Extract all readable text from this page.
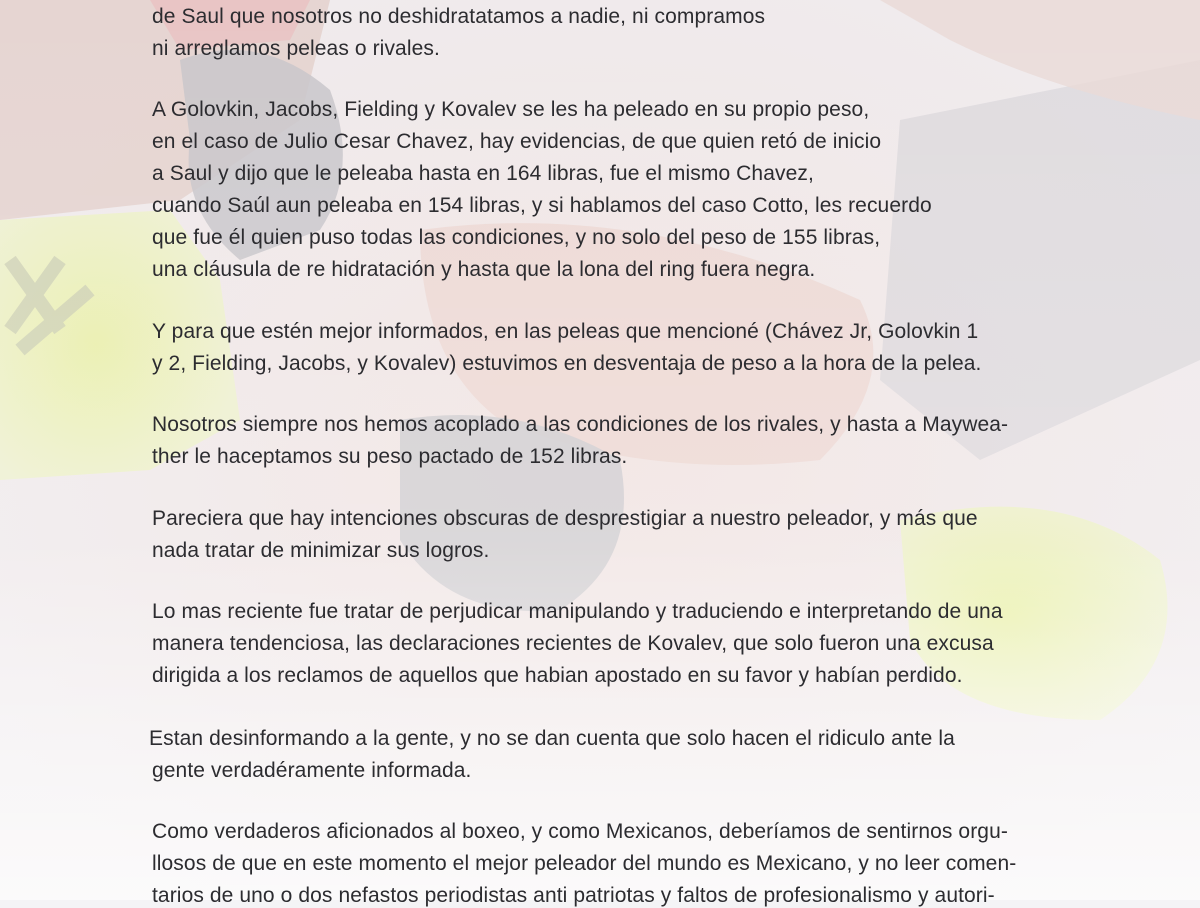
de Saul que nosotros no deshidratatamos a nadie, ni compramos
ni arreglamos peleas o rivales.
A Golovkin, Jacobs, Fielding y Kovalev se les ha peleado en su propio peso,
en el caso de Julio Cesar Chavez, hay evidencias, de que quien retó de inicio
a Saul y dijo que le peleaba hasta en 164 libras, fue el mismo Chavez,
cuando Saúl aun peleaba en 154 libras, y si hablamos del caso Cotto, les recuerdo
que fue él quien puso todas las condiciones, y no solo del peso de 155 libras,
una cláusula de re hidratación y hasta que la lona del ring fuera negra.
Y para que estén mejor informados, en las peleas que mencioné (Chávez Jr, Golovkin 1
y 2, Fielding, Jacobs, y Kovalev) estuvimos en desventaja de peso a la hora de la pelea.
Nosotros siempre nos hemos acoplado a las condiciones de los rivales, y hasta a Maywea-
ther le haceptamos su peso pactado de 152 libras.
Pareciera que hay intenciones obscuras de desprestigiar a nuestro peleador, y más que
nada tratar de minimizar sus logros.
Lo mas reciente fue tratar de perjudicar manipulando y traduciendo e interpretando de una
manera tendenciosa, las declaraciones recientes de Kovalev, que solo fueron una excusa
dirigida a los reclamos de aquellos que habian apostado en su favor y habían perdido.
Estan desinformando a la gente, y no se dan cuenta que solo hacen el ridiculo ante la
gente verdadéramente informada.
Como verdaderos aficionados al boxeo, y como Mexicanos, deberíamos de sentirnos orgu-
llosos de que en este momento el mejor peleador del mundo es Mexicano, y no leer comen-
tarios de uno o dos nefastos periodistas anti patriotas y faltos de profesionalismo y autori-
